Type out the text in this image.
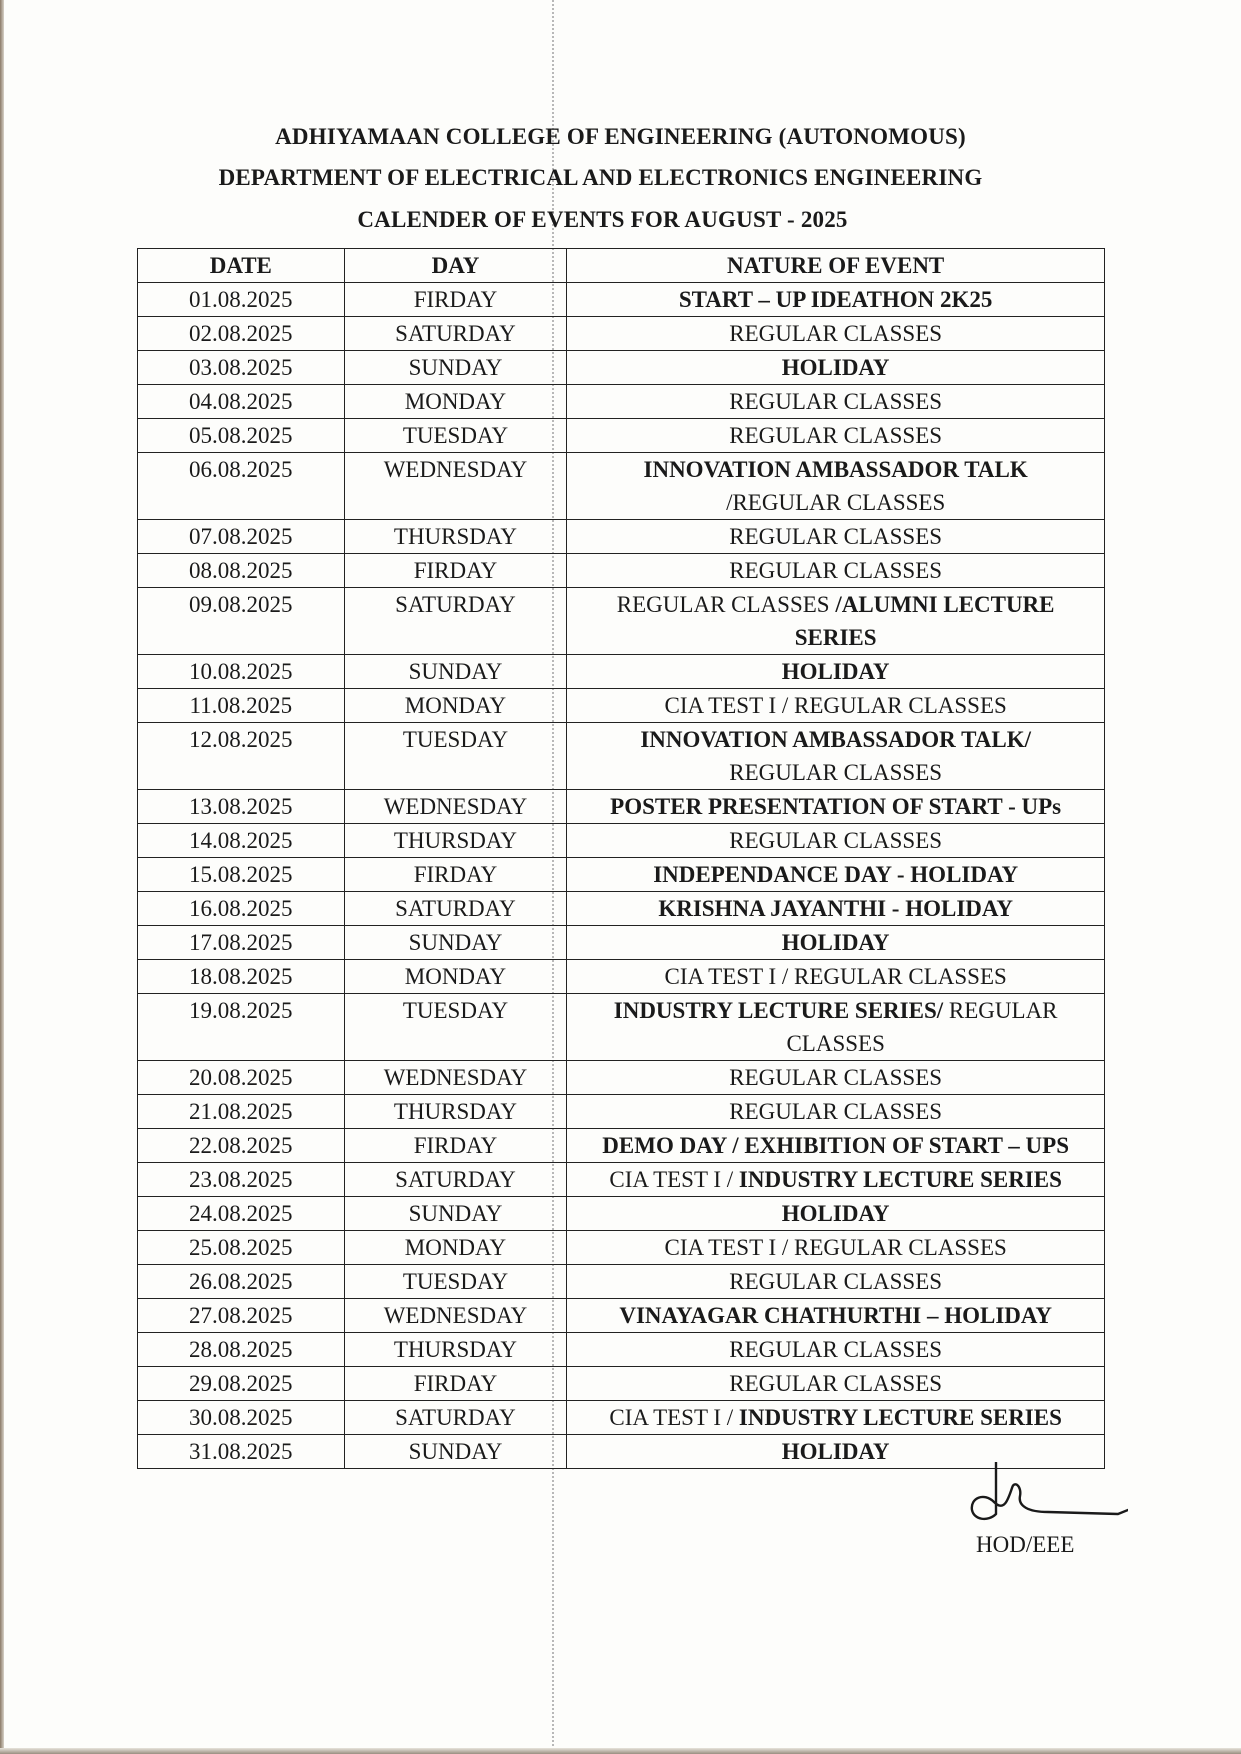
ADHIYAMAAN COLLEGE OF ENGINEERING (AUTONOMOUS)
DEPARTMENT OF ELECTRICAL AND ELECTRONICS ENGINEERING
CALENDER OF EVENTS FOR AUGUST - 2025
DATE	DAY	NATURE OF EVENT
01.08.2025	FIRDAY	START – UP IDEATHON 2K25
02.08.2025	SATURDAY	REGULAR CLASSES
03.08.2025	SUNDAY	HOLIDAY
04.08.2025	MONDAY	REGULAR CLASSES
05.08.2025	TUESDAY	REGULAR CLASSES
06.08.2025	WEDNESDAY	INNOVATION AMBASSADOR TALK
/REGULAR CLASSES
07.08.2025	THURSDAY	REGULAR CLASSES
08.08.2025	FIRDAY	REGULAR CLASSES
09.08.2025	SATURDAY	REGULAR CLASSES /ALUMNI LECTURE
SERIES
10.08.2025	SUNDAY	HOLIDAY
11.08.2025	MONDAY	CIA TEST I / REGULAR CLASSES
12.08.2025	TUESDAY	INNOVATION AMBASSADOR TALK/
REGULAR CLASSES
13.08.2025	WEDNESDAY	POSTER PRESENTATION OF START - UPs
14.08.2025	THURSDAY	REGULAR CLASSES
15.08.2025	FIRDAY	INDEPENDANCE DAY - HOLIDAY
16.08.2025	SATURDAY	KRISHNA JAYANTHI - HOLIDAY
17.08.2025	SUNDAY	HOLIDAY
18.08.2025	MONDAY	CIA TEST I / REGULAR CLASSES
19.08.2025	TUESDAY	INDUSTRY LECTURE SERIES/ REGULAR
CLASSES
20.08.2025	WEDNESDAY	REGULAR CLASSES
21.08.2025	THURSDAY	REGULAR CLASSES
22.08.2025	FIRDAY	DEMO DAY / EXHIBITION OF START – UPS
23.08.2025	SATURDAY	CIA TEST I / INDUSTRY LECTURE SERIES
24.08.2025	SUNDAY	HOLIDAY
25.08.2025	MONDAY	CIA TEST I / REGULAR CLASSES
26.08.2025	TUESDAY	REGULAR CLASSES
27.08.2025	WEDNESDAY	VINAYAGAR CHATHURTHI – HOLIDAY
28.08.2025	THURSDAY	REGULAR CLASSES
29.08.2025	FIRDAY	REGULAR CLASSES
30.08.2025	SATURDAY	CIA TEST I / INDUSTRY LECTURE SERIES
31.08.2025	SUNDAY	HOLIDAY
HOD/EEE
